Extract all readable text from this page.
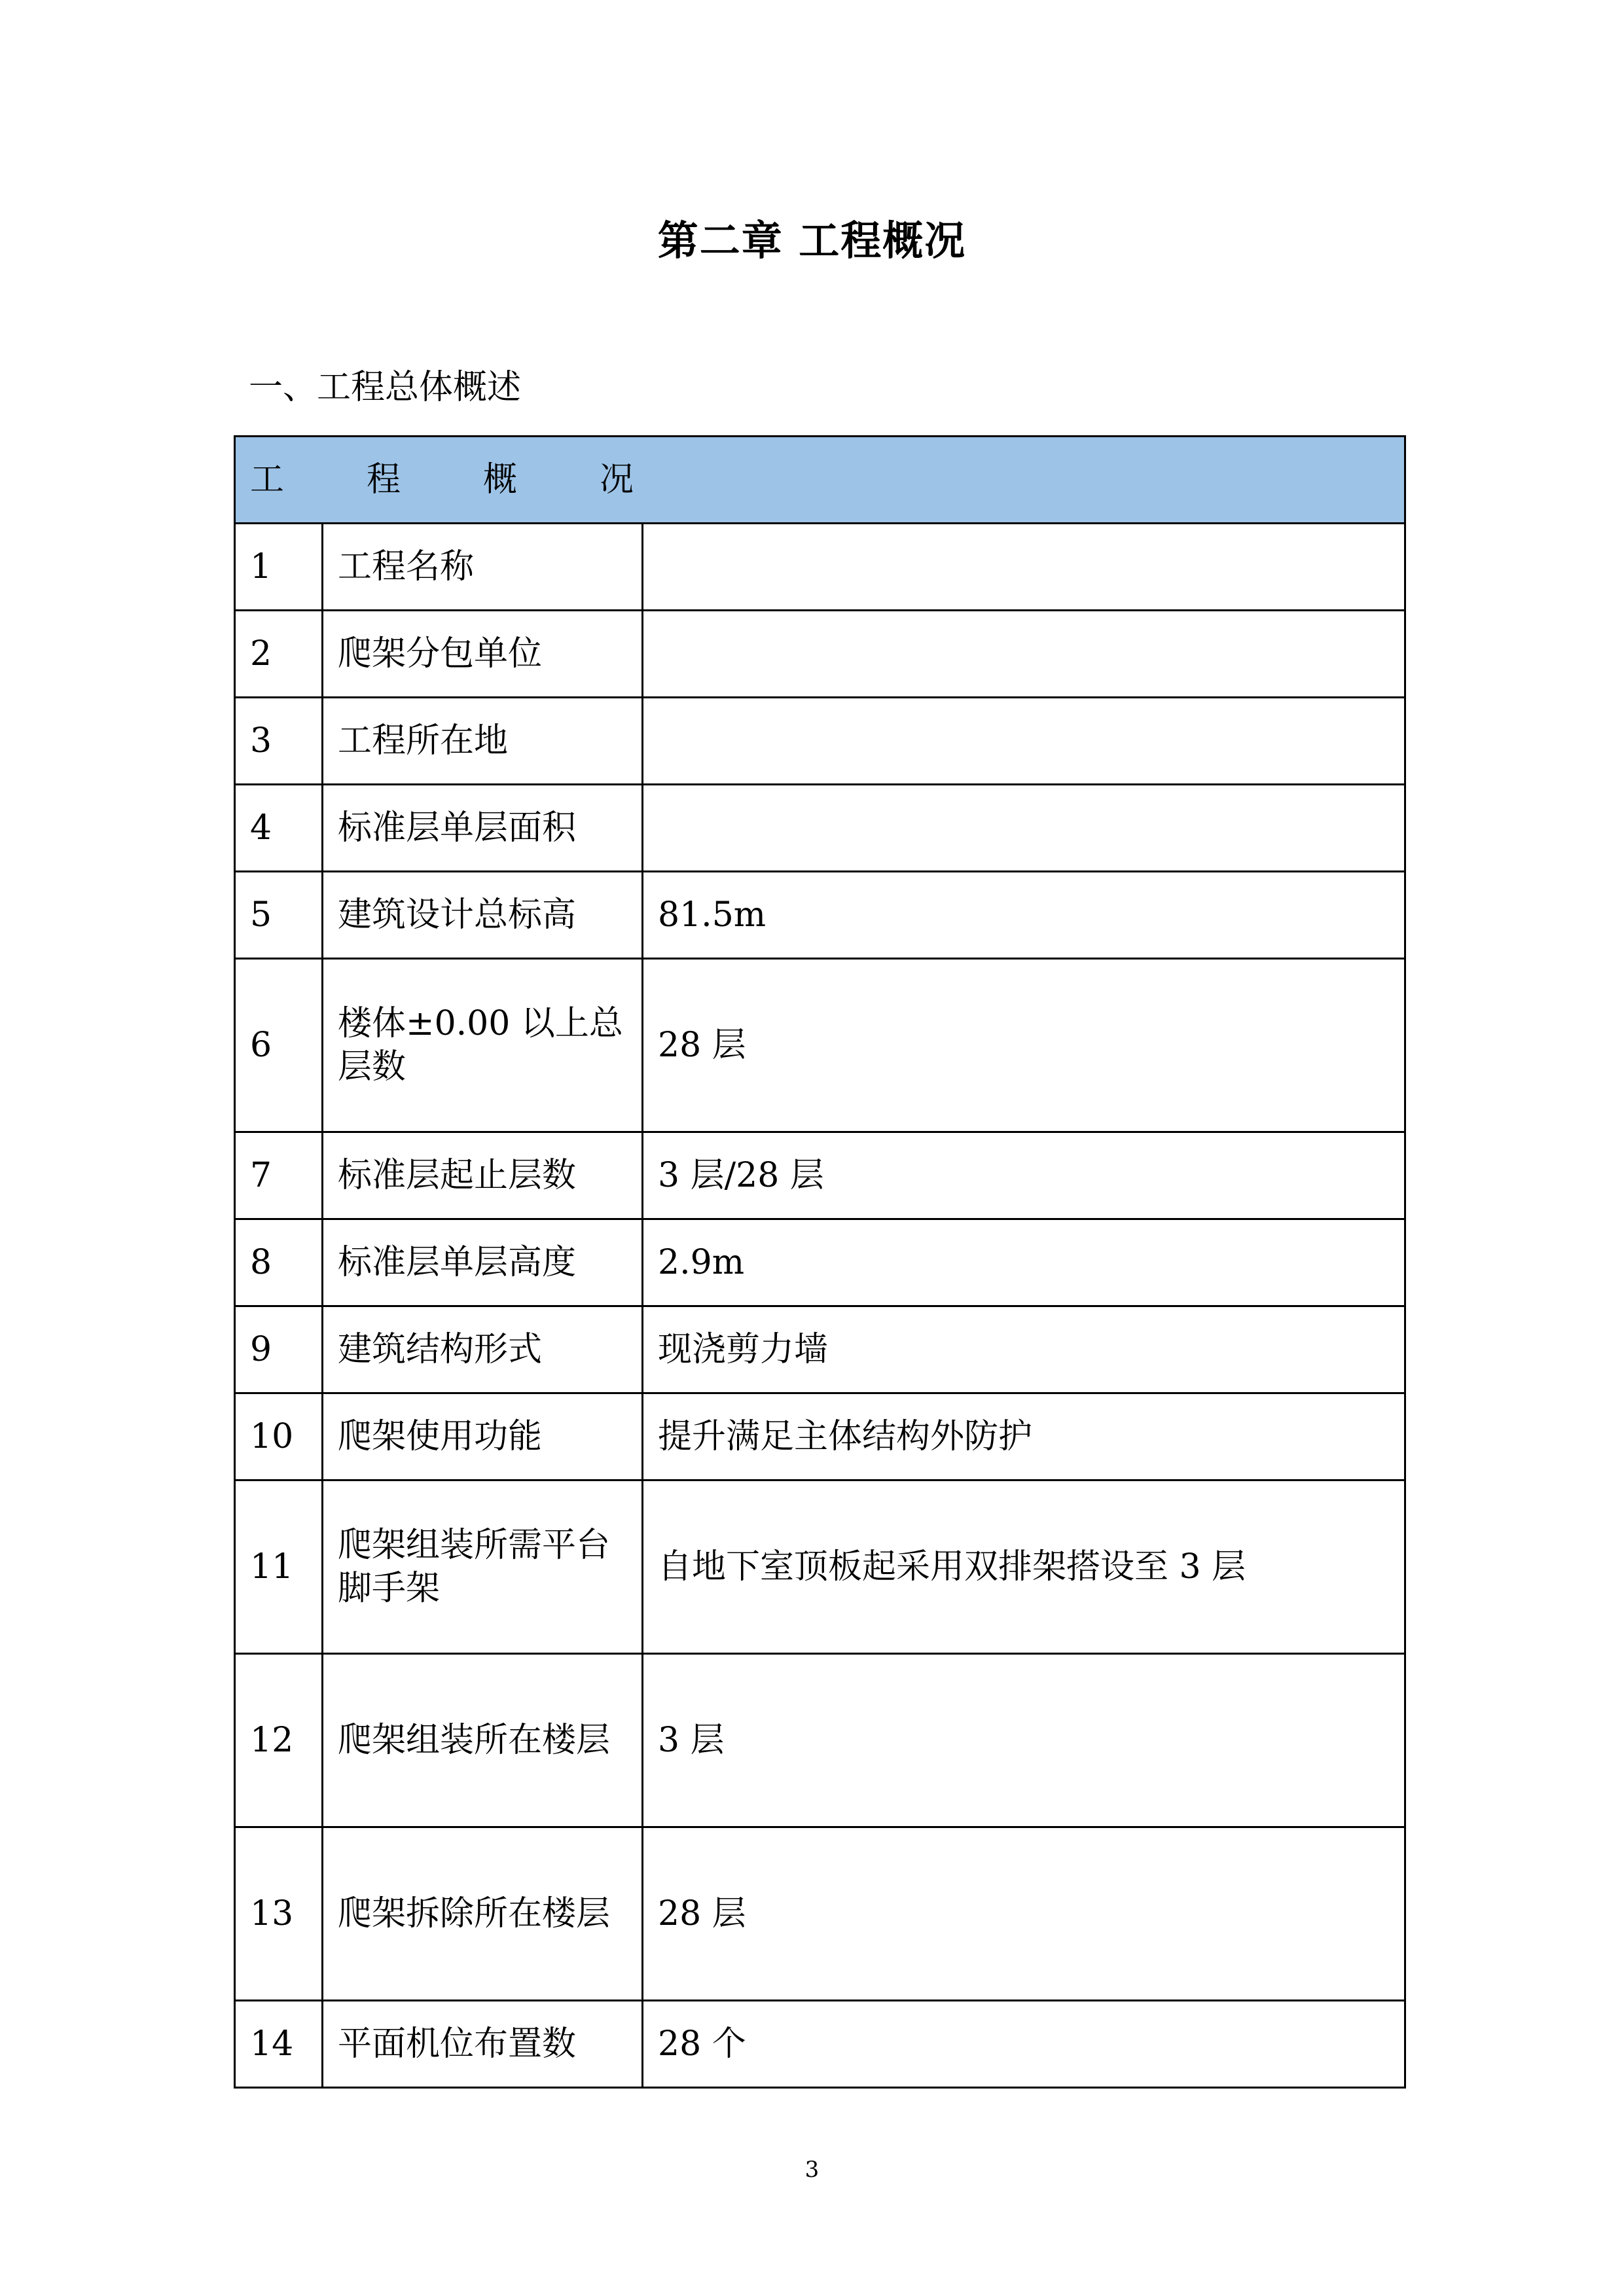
第二章 工程概况
一、工程总体概述
工 程 概 况		
1	工程名称	
2	爬架分包单位	
3	工程所在地	
4	标准层单层面积	
5	建筑设计总标高	81.5m
6	楼体±0.00 以上总层数	28 层
7	标准层起止层数	3 层/28 层
8	标准层单层高度	2.9m
9	建筑结构形式	现浇剪力墙
10	爬架使用功能	提升满足主体结构外防护
11	爬架组装所需平台脚手架	自地下室顶板起采用双排架搭设至 3 层
12	爬架组装所在楼层	3 层
13	爬架拆除所在楼层	28 层
14	平面机位布置数	28 个
3
